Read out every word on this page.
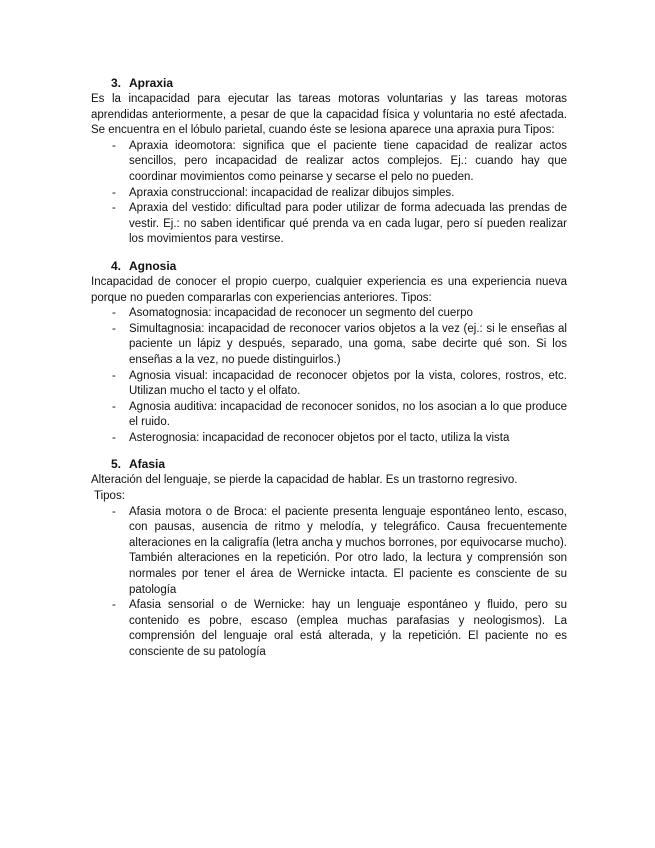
3. Apraxia

Es la incapacidad para ejecutar las tareas motoras voluntarias y las tareas motoras aprendidas anteriormente, a pesar de que la capacidad física y voluntaria no esté afectada. Se encuentra en el lóbulo parietal, cuando éste se lesiona aparece una apraxia pura Tipos:

- Apraxia ideomotora: significa que el paciente tiene capacidad de realizar actos sencillos, pero incapacidad de realizar actos complejos. Ej.: cuando hay que coordinar movimientos como peinarse y secarse el pelo no pueden.
- Apraxia construccional: incapacidad de realizar dibujos simples.
- Apraxia del vestido: dificultad para poder utilizar de forma adecuada las prendas de vestir. Ej.: no saben identificar qué prenda va en cada lugar, pero sí pueden realizar los movimientos para vestirse.
4. Agnosia

Incapacidad de conocer el propio cuerpo, cualquier experiencia es una experiencia nueva porque no pueden compararlas con experiencias anteriores. Tipos:

- Asomatognosia: incapacidad de reconocer un segmento del cuerpo
- Simultagnosia: incapacidad de reconocer varios objetos a la vez (ej.: si le enseñas al paciente un lápiz y después, separado, una goma, sabe decirte qué son. Si los enseñas a la vez, no puede distinguirlos.)
- Agnosia visual: incapacidad de reconocer objetos por la vista, colores, rostros, etc. Utilizan mucho el tacto y el olfato.
- Agnosia auditiva: incapacidad de reconocer sonidos, no los asocian a lo que produce el ruido.
- Asterognosia: incapacidad de reconocer objetos por el tacto, utiliza la vista
5. Afasia

Alteración del lenguaje, se pierde la capacidad de hablar. Es un trastorno regresivo.

Tipos:

- Afasia motora o de Broca: el paciente presenta lenguaje espontáneo lento, escaso, con pausas, ausencia de ritmo y melodía, y telegráfico. Causa frecuentemente alteraciones en la caligrafía (letra ancha y muchos borrones, por equivocarse mucho). También alteraciones en la repetición. Por otro lado, la lectura y comprensión son normales por tener el área de Wernicke intacta. El paciente es consciente de su patología
- Afasia sensorial o de Wernicke: hay un lenguaje espontáneo y fluido, pero su contenido es pobre, escaso (emplea muchas parafasias y neologismos). La comprensión del lenguaje oral está alterada, y la repetición. El paciente no es consciente de su patología
